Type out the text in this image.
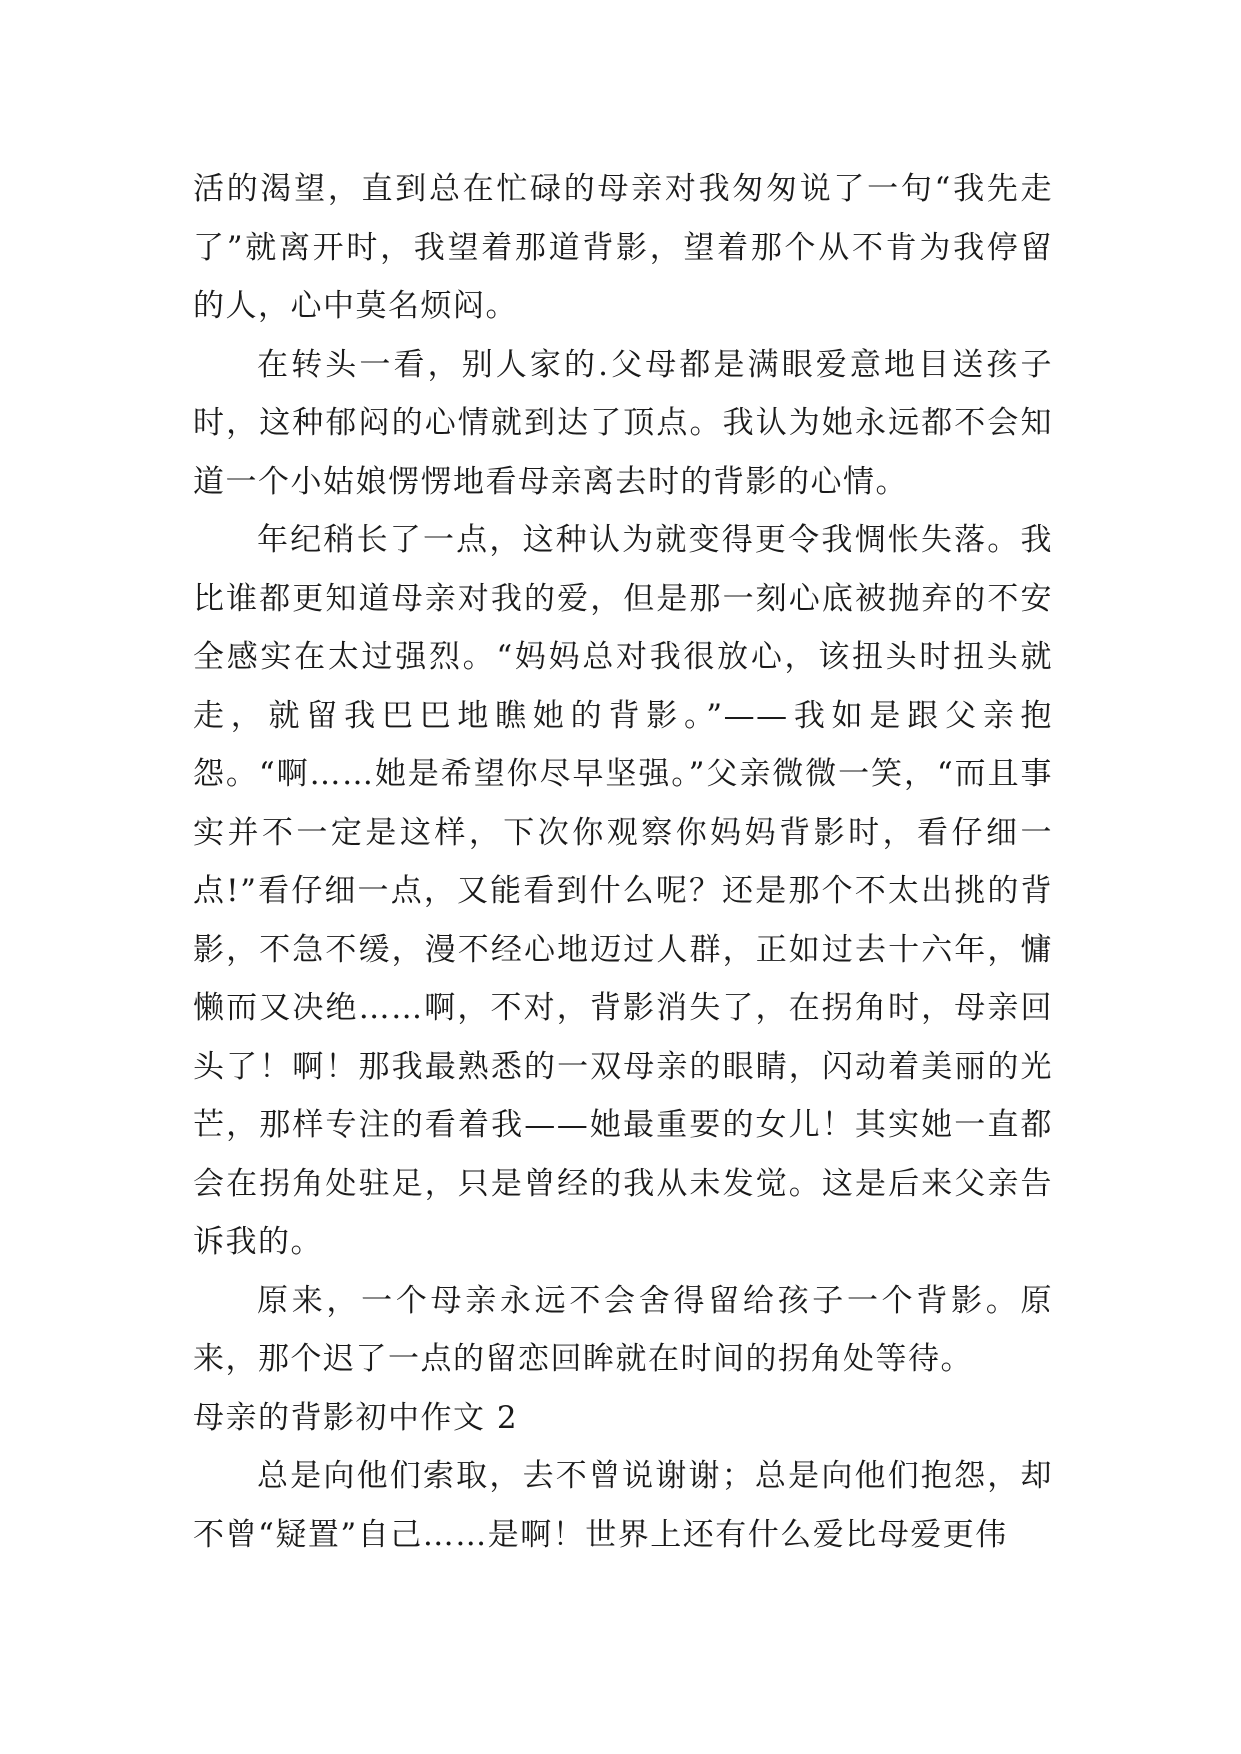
活的渴望，直到总在忙碌的母亲对我匆匆说了一句“我先走了”就离开时，我望着那道背影，望着那个从不肯为我停留的人，心中莫名烦闷。

在转头一看，别人家的.父母都是满眼爱意地目送孩子时，这种郁闷的心情就到达了顶点。我认为她永远都不会知道一个小姑娘愣愣地看母亲离去时的背影的心情。

年纪稍长了一点，这种认为就变得更令我惆怅失落。我比谁都更知道母亲对我的爱，但是那一刻心底被抛弃的不安全感实在太过强烈。“妈妈总对我很放心，该扭头时扭头就走，就留我巴巴地瞧她的背影。”——我如是跟父亲抱怨。“啊……她是希望你尽早坚强。”父亲微微一笑，“而且事实并不一定是这样，下次你观察你妈妈背影时，看仔细一点!”看仔细一点，又能看到什么呢？还是那个不太出挑的背影，不急不缓，漫不经心地迈过人群，正如过去十六年，慵懒而又决绝……啊，不对，背影消失了，在拐角时，母亲回头了！啊！那我最熟悉的一双母亲的眼睛，闪动着美丽的光芒，那样专注的看着我——她最重要的女儿！其实她一直都会在拐角处驻足，只是曾经的我从未发觉。这是后来父亲告诉我的。

原来，一个母亲永远不会舍得留给孩子一个背影。原来，那个迟了一点的留恋回眸就在时间的拐角处等待。

母亲的背影初中作文 2

总是向他们索取，去不曾说谢谢；总是向他们抱怨，却不曾“疑置”自己……是啊！世界上还有什么爱比母爱更伟
